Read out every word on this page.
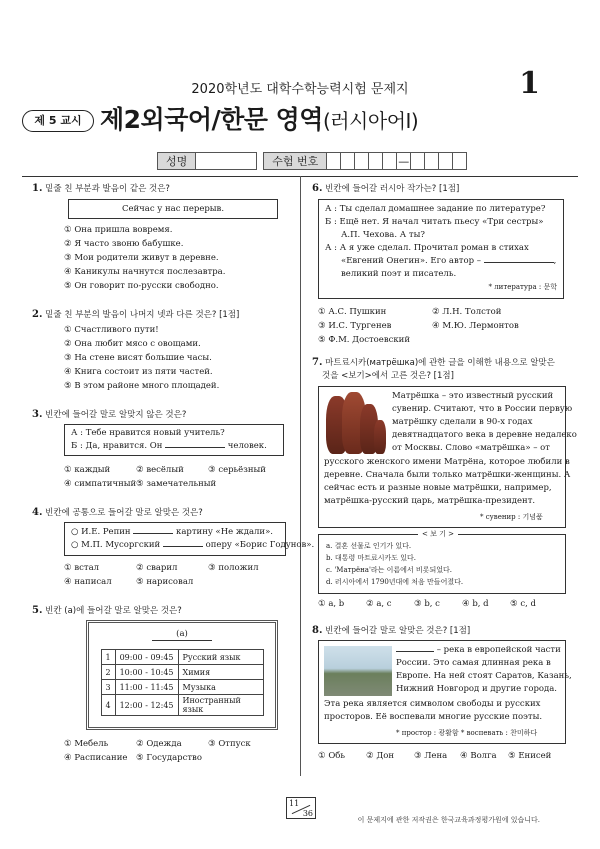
2020학년도 대학수학능력시험 문제지	1
제 5 교시 제2외국어/한문 영역(러시아어Ⅰ)
성명	수험 번호	—
1. 밑줄 친 부분과 발음이 같은 것은?
Сейчас у нас перерыв.
① Она пришла вовремя.
② Я часто звоню бабушке.
③ Мои родители живут в деревне.
④ Каникулы начнутся послезавтра.
⑤ Он говорит по-русски свободно.
2. 밑줄 친 부분의 발음이 나머지 넷과 다른 것은? [1점]
① Счастливого пути!
② Она любит мясо с овощами.
③ На стене висят большие часы.
④ Книга состоит из пяти частей.
⑤ В этом районе много площадей.
3. 빈칸에 들어갈 말로 알맞지 않은 것은?
А : Тебе нравится новый учитель?
Б : Да, нравится. Он	человек.
① каждый	② весёлый	③ серьёзный
④ симпатичный ⑤ замечательный
4. 빈칸에 공통으로 들어갈 말로 알맞은 것은?
○ И.Е. Репин	картину «Не ждали».
○ М.П. Мусоргский	оперу «Борис Годунов».
① встал	② сварил	③ положил
④ написал	⑤ нарисовал
5. 빈칸 (a)에 들어갈 말로 알맞은 것은?
(a)
1	09:00 - 09:45	Русский язык
2	10:00 - 10:45	Химия
3	11:00 - 11:45	Музыка
4	12:00 - 12:45	Иностранный язык
① Мебель	② Одежда	③ Отпуск
④ Расписание ⑤ Государство
6. 빈칸에 들어갈 러시아 작가는? [1점]
А : Ты сделал домашнее задание по литературе?
Б : Ещё нет. Я начал читать пьесу «Три сестры»
А.П. Чехова. А ты?
А : А я уже сделал. Прочитал роман в стихах
«Евгений Онегин». Его автор –	,
великий поэт и писатель.
* литература : 문학
① А.С. Пушкин	② Л.Н. Толстой
③ И.С. Тургенев	④ М.Ю. Лермонтов
⑤ Ф.М. Достоевский
7. 마트료시카(матрёшка)에 관한 글을 이해한 내용으로 알맞은
것을 <보기>에서 고른 것은? [1점]
Матрёшка – это известный русский
сувенир. Считают, что в России первую
матрёшку сделали в 90-х годах
девятнадцатого века в деревне недалеко
от Москвы. Слово «матрёшка» – от
русского женского имени Матрёна, которое любили в
деревне. Сначала были только матрёшки-женщины. А
сейчас есть и разные новые матрёшки, например,
матрёшка-русский царь, матрёшка-президент.
* сувенир : 기념품
< 보 기 >
a. 결혼 선물로 인기가 있다.
b. 대통령 마트료시카도 있다.
c. 'Матрёна'라는 이름에서 비롯되었다.
d. 러시아에서 1790년대에 처음 만들어졌다.
① a, b	② a, c	③ b, c	④ b, d	⑤ c, d
8. 빈칸에 들어갈 말로 알맞은 것은? [1점]
– река в европейской части
России. Это самая длинная река в
Европе. На ней стоят Саратов, Казань,
Нижний Новгород и другие города.
Эта река является символом свободы и русских
просторов. Её воспевали многие русские поэты.
* простор : 광활함 * воспевать : 찬미하다
① Обь ② Дон ③ Лена ④ Волга ⑤ Енисей
11
36
이 문제지에 관한 저작권은 한국교육과정평가원에 있습니다.
